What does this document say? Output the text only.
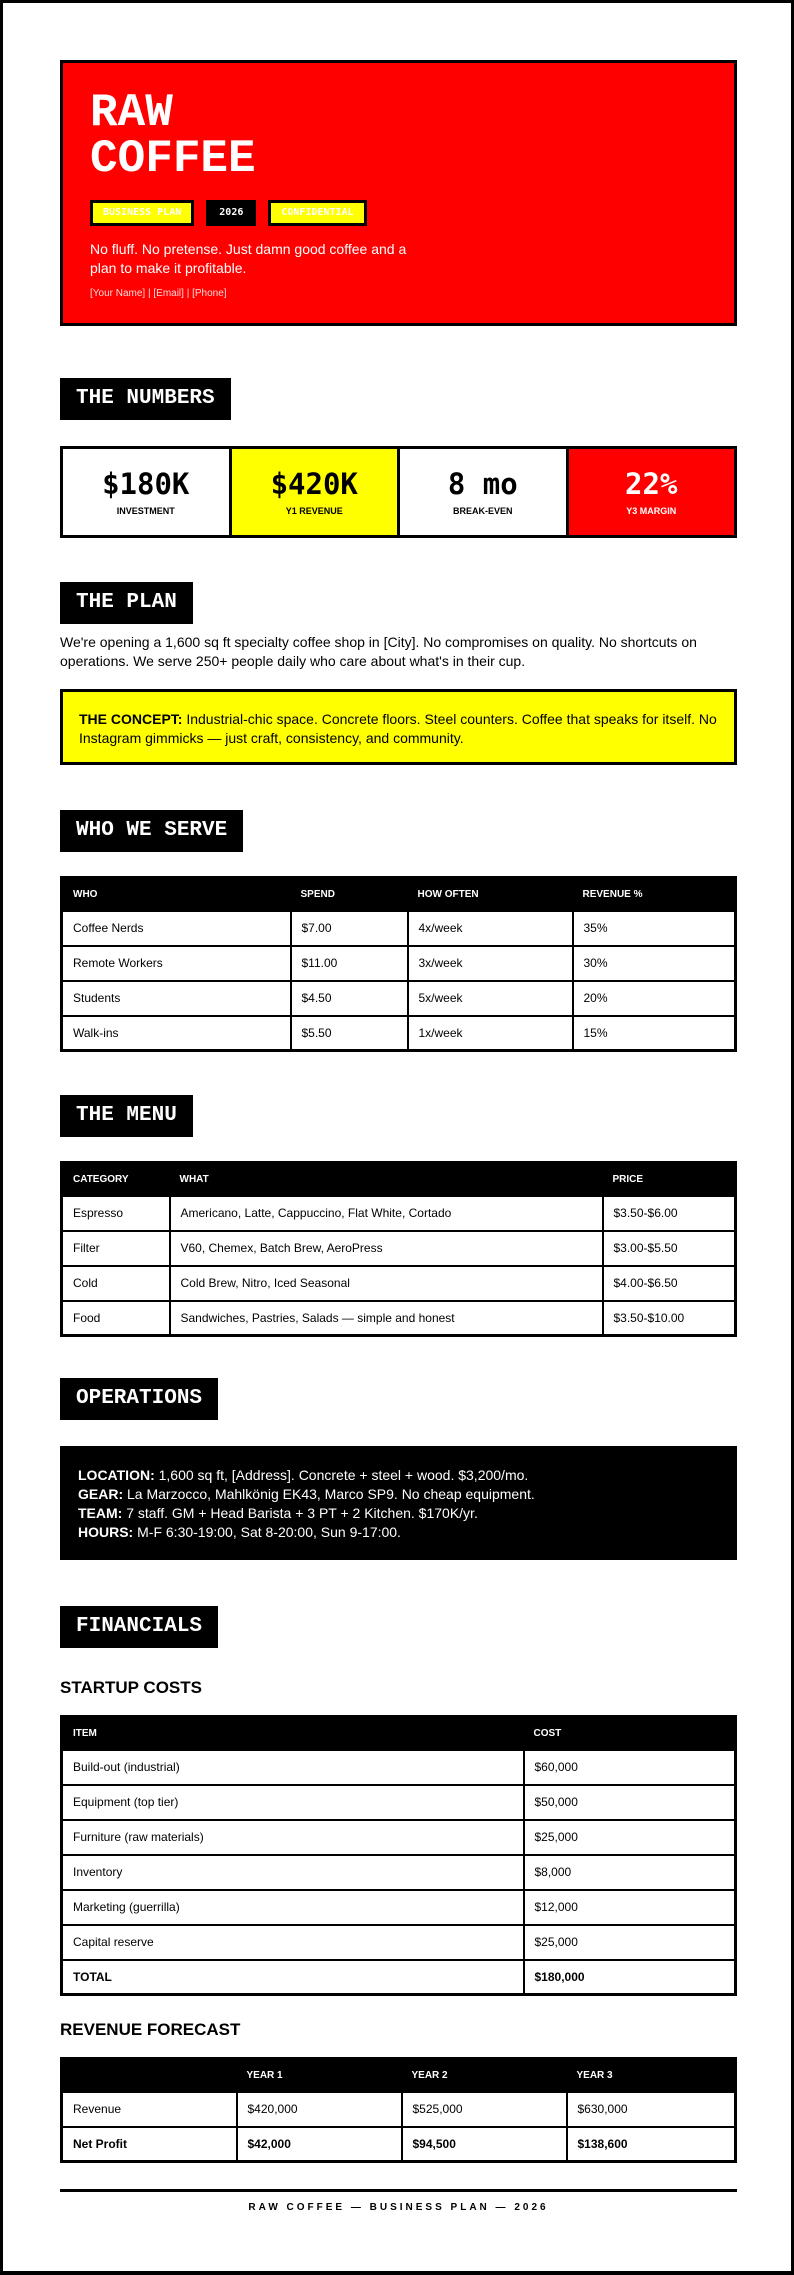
RAW
COFFEE
BUSINESS PLAN	2026	CONFIDENTIAL
No fluff. No pretense. Just damn good coffee and a plan to make it profitable.
[Your Name] | [Email] | [Phone]
THE NUMBERS
$180K
INVESTMENT
$420K
Y1 REVENUE
8 mo
BREAK-EVEN
22%
Y3 MARGIN
THE PLAN
We're opening a 1,600 sq ft specialty coffee shop in [City]. No compromises on quality. No shortcuts on operations. We serve 250+ people daily who care about what's in their cup.
THE CONCEPT: Industrial-chic space. Concrete floors. Steel counters. Coffee that speaks for itself. No Instagram gimmicks — just craft, consistency, and community.
WHO WE SERVE
WHO	SPEND	HOW OFTEN	REVENUE %
Coffee Nerds	$7.00	4x/week	35%
Remote Workers	$11.00	3x/week	30%
Students	$4.50	5x/week	20%
Walk-ins	$5.50	1x/week	15%
THE MENU
CATEGORY	WHAT	PRICE
Espresso	Americano, Latte, Cappuccino, Flat White, Cortado	$3.50-$6.00
Filter	V60, Chemex, Batch Brew, AeroPress	$3.00-$5.50
Cold	Cold Brew, Nitro, Iced Seasonal	$4.00-$6.50
Food	Sandwiches, Pastries, Salads — simple and honest	$3.50-$10.00
OPERATIONS
LOCATION: 1,600 sq ft, [Address]. Concrete + steel + wood. $3,200/mo.
GEAR: La Marzocco, Mahlkönig EK43, Marco SP9. No cheap equipment.
TEAM: 7 staff. GM + Head Barista + 3 PT + 2 Kitchen. $170K/yr.
HOURS: M-F 6:30-19:00, Sat 8-20:00, Sun 9-17:00.
FINANCIALS
STARTUP COSTS
ITEM	COST
Build-out (industrial)	$60,000
Equipment (top tier)	$50,000
Furniture (raw materials)	$25,000
Inventory	$8,000
Marketing (guerrilla)	$12,000
Capital reserve	$25,000
TOTAL	$180,000
REVENUE FORECAST
	YEAR 1	YEAR 2	YEAR 3
Revenue	$420,000	$525,000	$630,000
Net Profit	$42,000	$94,500	$138,600
RAW COFFEE — BUSINESS PLAN — 2026
